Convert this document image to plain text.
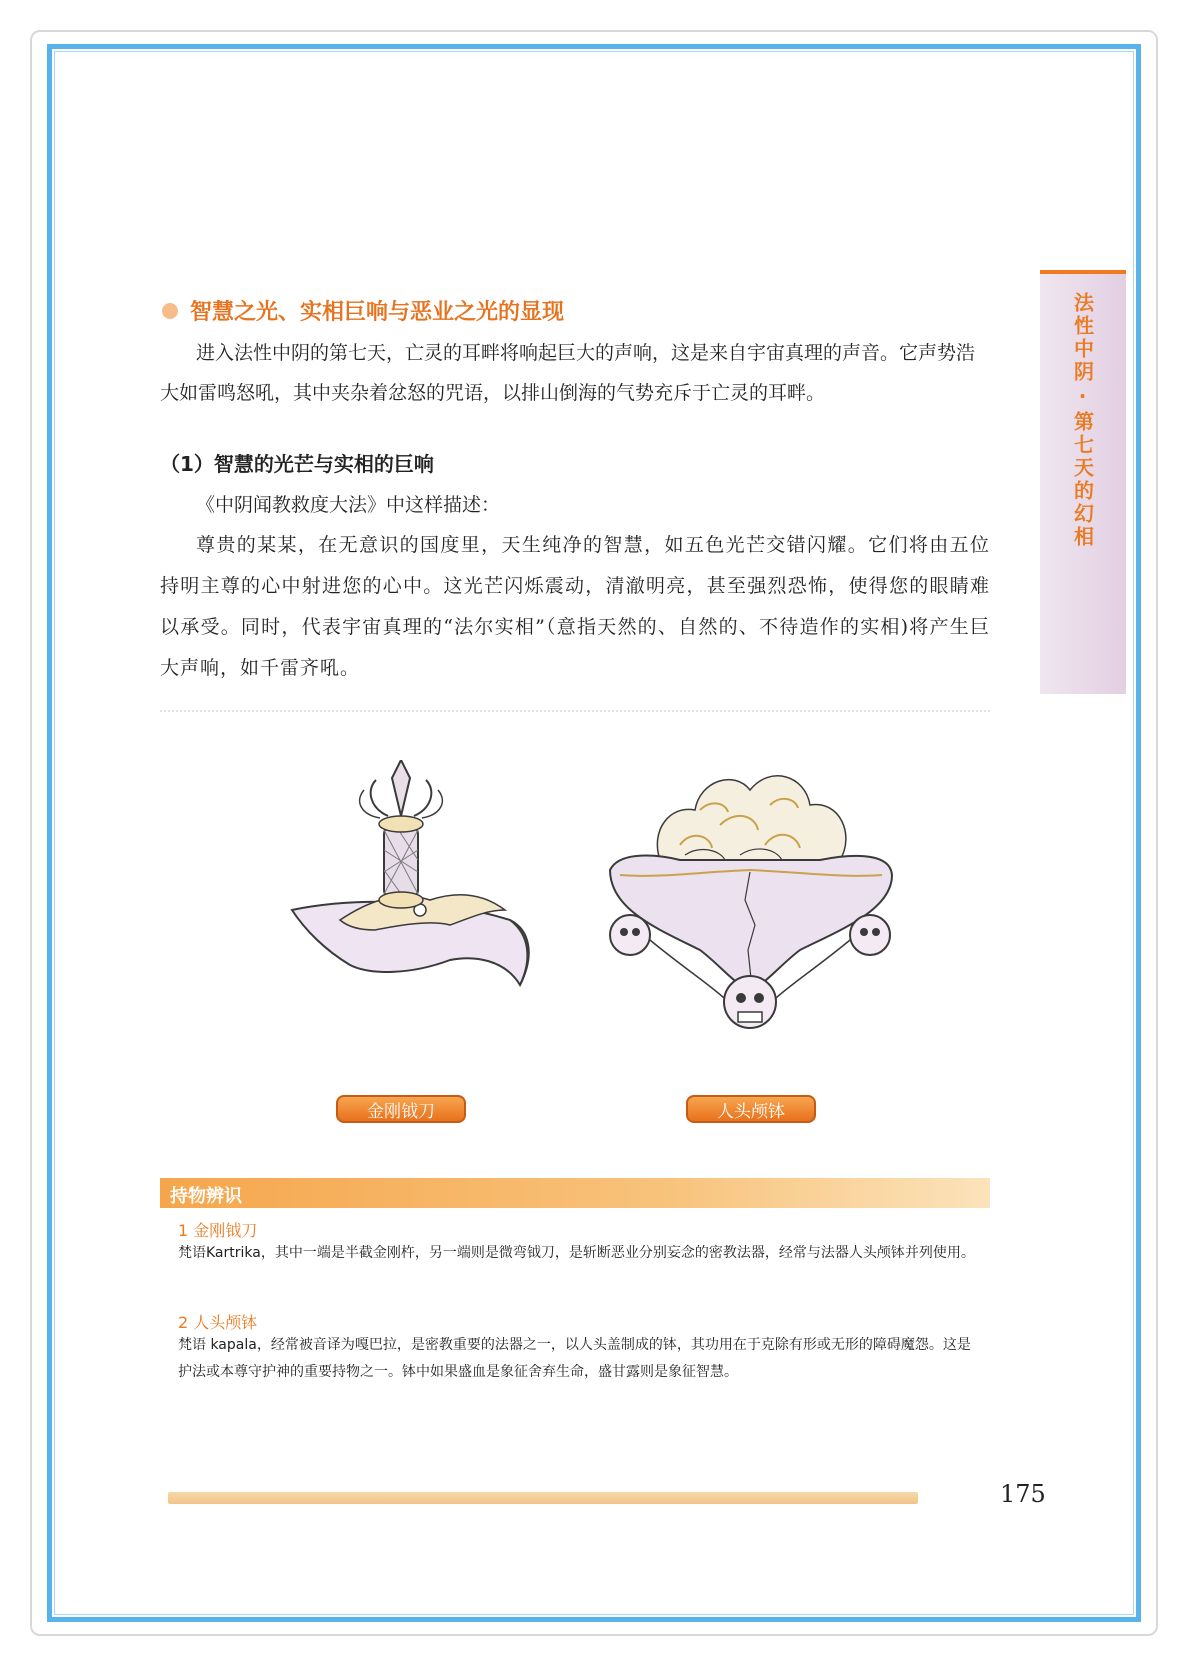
法性中阴·第七天的幻相
智慧之光、实相巨响与恶业之光的显现
进入法性中阴的第七天，亡灵的耳畔将响起巨大的声响，这是来自宇宙真理的声音。它声势浩大如雷鸣怒吼，其中夹杂着忿怒的咒语，以排山倒海的气势充斥于亡灵的耳畔。
（1）智慧的光芒与实相的巨响
《中阴闻教救度大法》中这样描述：
尊贵的某某，在无意识的国度里，天生纯净的智慧，如五色光芒交错闪耀。它们将由五位持明主尊的心中射进您的心中。这光芒闪烁震动，清澈明亮，甚至强烈恐怖，使得您的眼睛难以承受。同时，代表宇宙真理的“法尔实相”（意指天然的、自然的、不待造作的实相)将产生巨大声响，如千雷齐吼。
金刚钺刀	人头颅钵
持物辨识
1 金刚钺刀
梵语Kartrika，其中一端是半截金刚杵，另一端则是微弯钺刀，是斩断恶业分别妄念的密教法器，经常与法器人头颅钵并列使用。
2 人头颅钵
梵语 kapala，经常被音译为嘎巴拉，是密教重要的法器之一，以人头盖制成的钵，其功用在于克除有形或无形的障碍魔怨。这是护法或本尊守护神的重要持物之一。钵中如果盛血是象征舍弃生命，盛甘露则是象征智慧。
175
